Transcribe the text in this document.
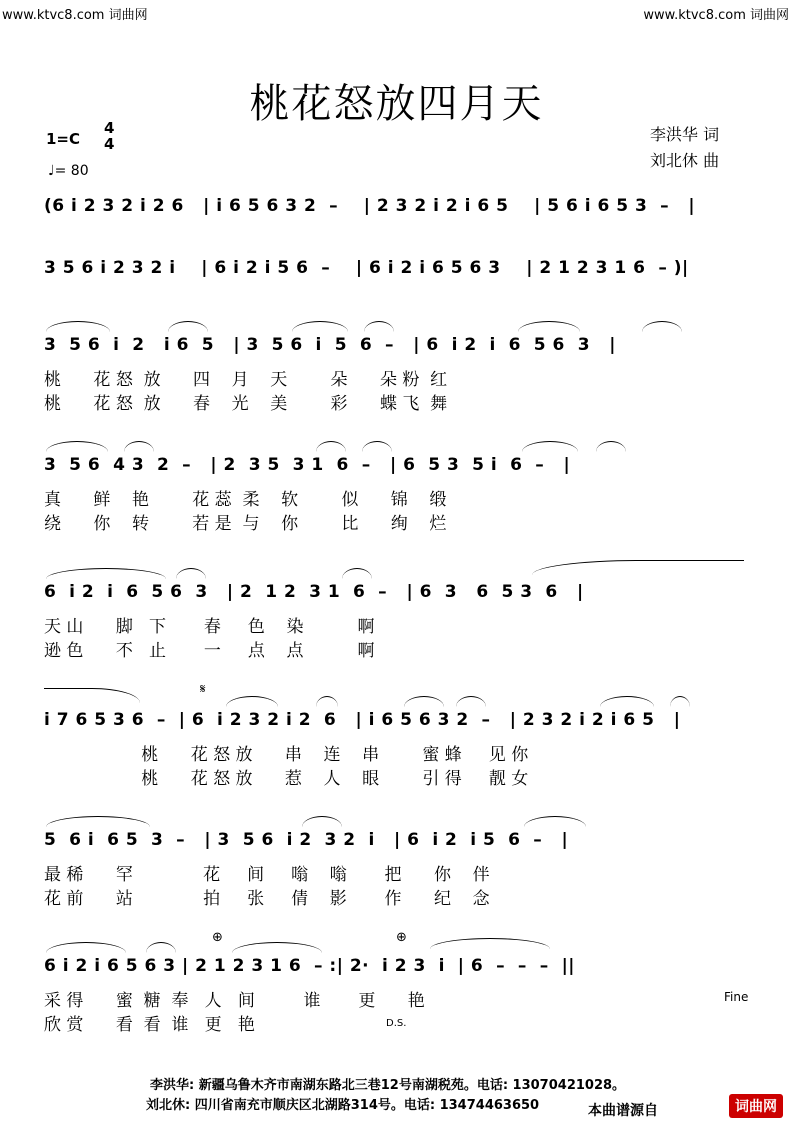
www.ktvc8.com 词曲网	www.ktvc8.com 词曲网
桃花怒放四月天
1=C
4
4
♩= 80
李洪华 词
刘北休 曲
(6 i 2 3 2 i 2 6   | i 6 5 6 3 2  –    | 2 3 2 i 2 i 6 5    | 5 6 i 6 5 3  –   |
3 5 6 i 2 3 2 i    | 6 i 2 i 5 6  –    | 6 i 2 i 6 5 6 3    | 2 1 2 3 1 6  – )|
3  5 6  i  2   i 6  5   | 3  5 6  i  5  6  –   | 6  i 2  i  6  5 6  3   |
桃      花 怒  放      四    月    天        朵      朵 粉  红
桃      花 怒  放      春    光    美        彩      蝶 飞  舞
3  5 6  4 3  2  –   | 2  3 5  3 1  6  –   | 6  5 3  5 i  6  –   |
真      鲜    艳        花 蕊  柔    软        似      锦    缎
绕      你    转        若 是  与    你        比      绚    烂
6  i 2  i  6  5 6  3   | 2  1 2  3 1  6  –   | 6  3   6  5 3  6   |
天 山      脚   下       春     色    染          啊
逊 色      不   止       一     点    点          啊
𝄋
i 7 6 5 3 6  –  | 6  i 2 3 2 i 2  6   | i 6 5 6 3 2  –   | 2 3 2 i 2 i 6 5   |
桃      花 怒 放      串    连    串        蜜 蜂     见 你
桃      花 怒 放      惹    人    眼        引 得     靓 女
5  6 i  6 5  3  –   | 3  5 6  i 2  3 2  i   | 6  i 2  i 5  6  –   |
最 稀      罕             花     间     嗡    嗡       把      你    伴
花 前      站             拍     张     倩    影       作      纪    念
⊕	⊕
6 i 2 i 6 5 6 3 | 2 1 2 3 1 6  – :| 2·  i 2 3  i  | 6  –  –  –  ||
采 得      蜜  糖  奉   人   间         谁       更      艳
欣 赏      看  看  谁   更   艳
Fine
D.S.
李洪华: 新疆乌鲁木齐市南湖东路北三巷12号南湖税苑。电话: 13070421028。
刘北休: 四川省南充市顺庆区北湖路314号。电话: 13474463650	本曲谱源自	词曲网
